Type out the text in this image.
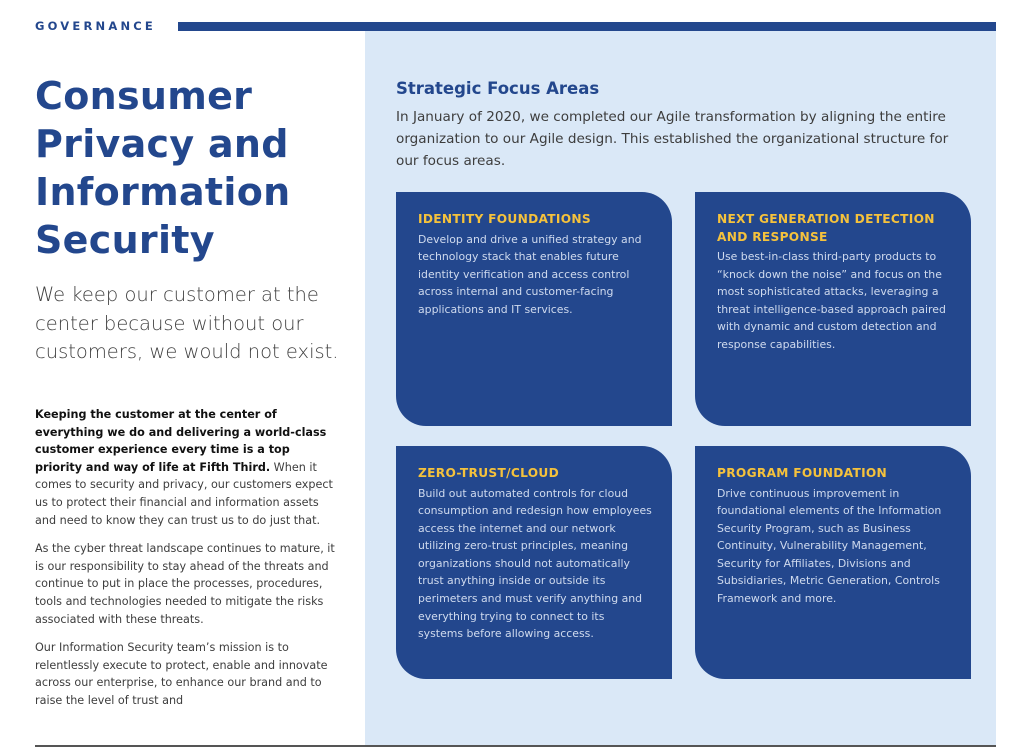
GOVERNANCE
Consumer
Privacy and
Information
Security

We keep our customer at the center because without our customers, we would not exist.

Keeping the customer at the center of everything we do and delivering a world-class customer experience every time is a top priority and way of life at Fifth Third. When it comes to security and privacy, our customers expect us to protect their financial and information assets and need to know they can trust us to do just that.

As the cyber threat landscape continues to mature, it is our responsibility to stay ahead of the threats and continue to put in place the processes, procedures, tools and technologies needed to mitigate the risks associated with these threats.

Our Information Security team’s mission is to relentlessly execute to protect, enable and innovate across our enterprise, to enhance our brand and to raise the level of trust and

Strategic Focus Areas

In January of 2020, we completed our Agile transformation by aligning the entire organization to our Agile design. This established the organizational structure for our focus areas.

IDENTITY FOUNDATIONS
Develop and drive a unified strategy and technology stack that enables future identity verification and access control across internal and customer-facing applications and IT services.
NEXT GENERATION DETECTION AND RESPONSE
Use best-in-class third-party products to “knock down the noise” and focus on the most sophisticated attacks, leveraging a threat intelligence-based approach paired with dynamic and custom detection and response capabilities.
ZERO-TRUST/CLOUD
Build out automated controls for cloud consumption and redesign how employees access the internet and our network utilizing zero-trust principles, meaning organizations should not automatically trust anything inside or outside its perimeters and must verify anything and everything trying to connect to its systems before allowing access.
PROGRAM FOUNDATION
Drive continuous improvement in foundational elements of the Information Security Program, such as Business Continuity, Vulnerability Management, Security for Affiliates, Divisions and Subsidiaries, Metric Generation, Controls Framework and more.
